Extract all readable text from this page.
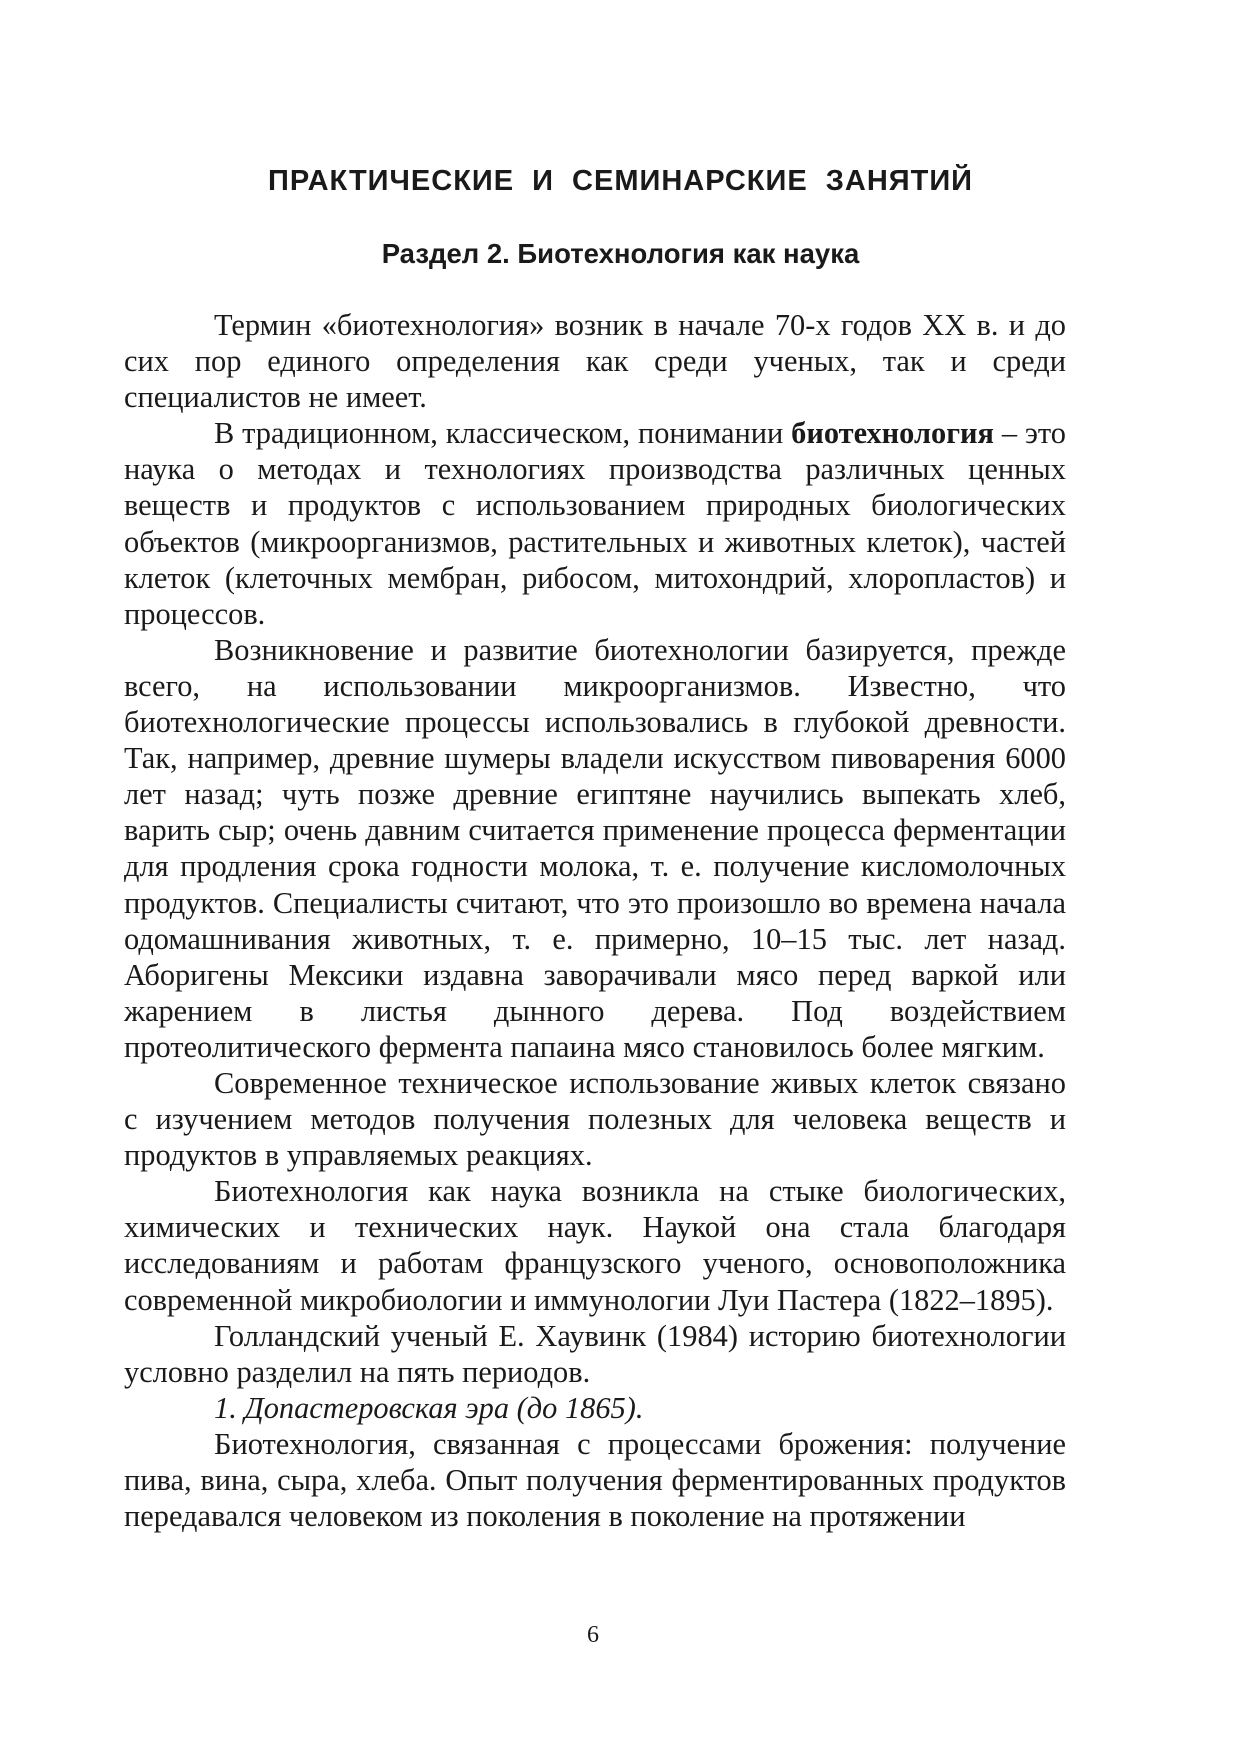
ПРАКТИЧЕСКИЕ И СЕМИНАРСКИЕ ЗАНЯТИЙ
Раздел 2. Биотехнология как наука

Термин «биотехнология» возник в начале 70-х годов XX в. и до сих пор единого определения как среди ученых, так и среди специалистов не имеет.

В традиционном, классическом, понимании биотехнология – это наука о методах и технологиях производства различных ценных веществ и продуктов с использованием природных биологических объектов (микроорганизмов, растительных и животных клеток), частей клеток (клеточных мембран, рибосом, митохондрий, хлоропластов) и процессов.

Возникновение и развитие биотехнологии базируется, прежде всего, на использовании микроорганизмов. Известно, что биотехнологические процессы использовались в глубокой древности. Так, например, древние шумеры владели искусством пивоварения 6000 лет назад; чуть позже древние египтяне научились выпекать хлеб, варить сыр; очень давним считается применение процесса ферментации для продления срока годности молока, т. е. получение кисломолочных продуктов. Специалисты считают, что это произошло во времена начала одомашнивания животных, т. е. примерно, 10–15 тыс. лет назад. Аборигены Мексики издавна заворачивали мясо перед варкой или жарением в листья дынного дерева. Под воздействием протеолитического фермента папаина мясо становилось более мягким.

Современное техническое использование живых клеток связано с изучением методов получения полезных для человека веществ и продуктов в управляемых реакциях.

Биотехнология как наука возникла на стыке биологических, химических и технических наук. Наукой она стала благодаря исследованиям и работам французского ученого, основоположника современной микробиологии и иммунологии Луи Пастера (1822–1895).

Голландский ученый Е. Хаувинк (1984) историю биотехнологии условно разделил на пять периодов.

1. Допастеровская эра (до 1865).

Биотехнология, связанная с процессами брожения: получение пива, вина, сыра, хлеба. Опыт получения ферментированных продуктов передавался человеком из поколения в поколение на протяжении

6
